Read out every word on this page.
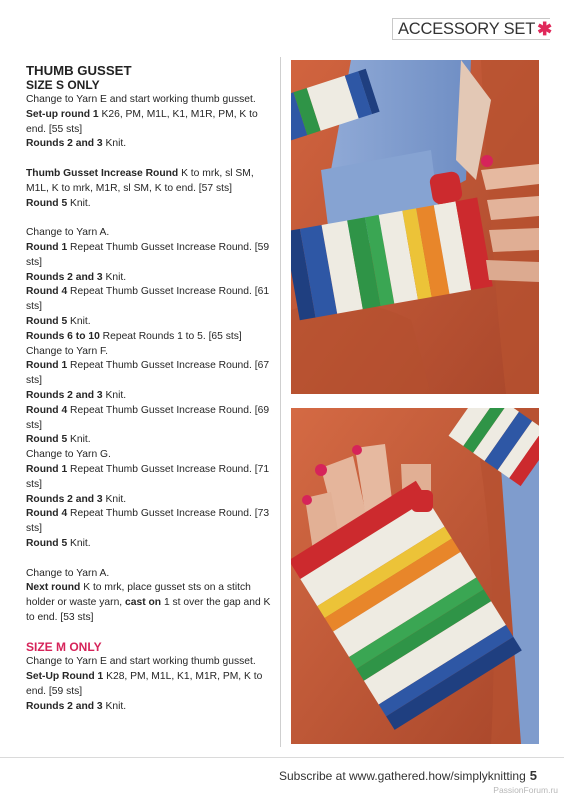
ACCESSORY SET ✱
THUMB GUSSET
SIZE S ONLY

Change to Yarn E and start working thumb gusset.

Set-up round 1 K26, PM, M1L, K1, M1R, PM, K to end. [55 sts]

Rounds 2 and 3 Knit.

Thumb Gusset Increase Round K to mrk, sl SM, M1L, K to mrk, M1R, sl SM, K to end. [57 sts]

Round 5 Knit.

Change to Yarn A.

Round 1 Repeat Thumb Gusset Increase Round. [59 sts]

Rounds 2 and 3 Knit.

Round 4 Repeat Thumb Gusset Increase Round. [61 sts]

Round 5 Knit.

Rounds 6 to 10 Repeat Rounds 1 to 5. [65 sts]

Change to Yarn F.

Round 1 Repeat Thumb Gusset Increase Round. [67 sts]

Rounds 2 and 3 Knit.

Round 4 Repeat Thumb Gusset Increase Round. [69 sts]

Round 5 Knit.

Change to Yarn G.

Round 1 Repeat Thumb Gusset Increase Round. [71 sts]

Rounds 2 and 3 Knit.

Round 4 Repeat Thumb Gusset Increase Round. [73 sts]

Round 5 Knit.

Change to Yarn A.

Next round K to mrk, place gusset sts on a stitch holder or waste yarn, cast on 1 st over the gap and K to end. [53 sts]

SIZE M ONLY

Change to Yarn E and start working thumb gusset.

Set-Up Round 1 K28, PM, M1L, K1, M1R, PM, K to end. [59 sts]

Rounds 2 and 3 Knit.

Subscribe at www.gathered.how/simplyknitting 5
PassionForum.ru
